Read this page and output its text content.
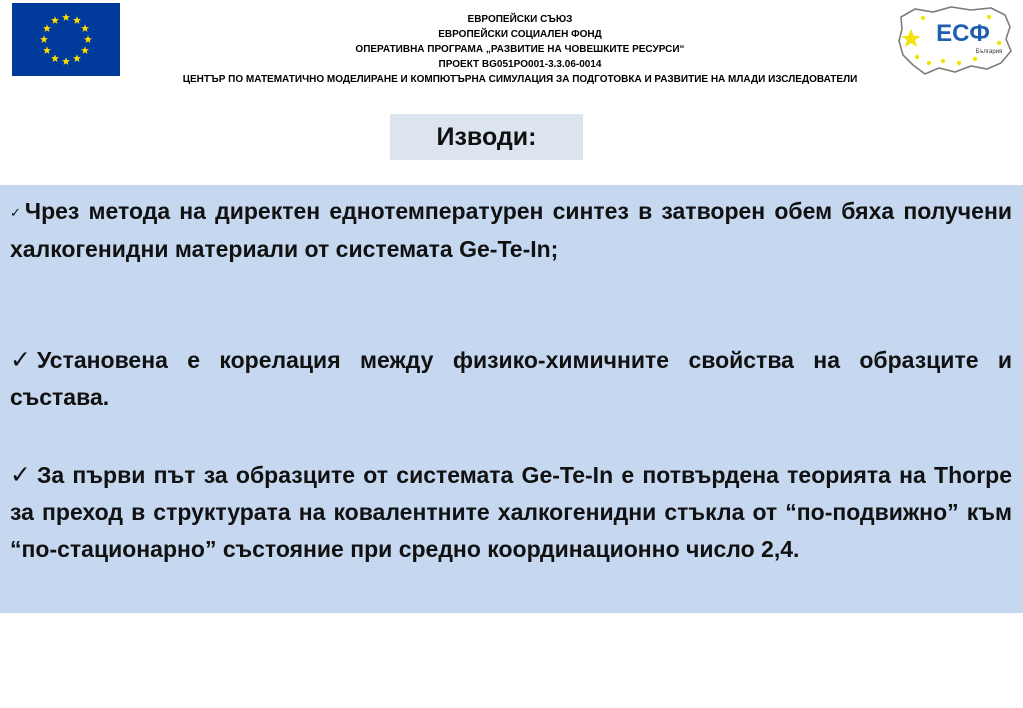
ЕВРОПЕЙСКИ СЪЮЗ
ЕВРОПЕЙСКИ СОЦИАЛЕН ФОНД
ОПЕРАТИВНА ПРОГРАМА „РАЗВИТИЕ НА ЧОВЕШКИТЕ РЕСУРСИ“
ПРОЕКТ BG051PO001-3.3.06-0014
ЦЕНТЪР ПО МАТЕМАТИЧНО МОДЕЛИРАНЕ И КОМПЮТЪРНА СИМУЛАЦИЯ ЗА ПОДГОТОВКА И РАЗВИТИЕ НА МЛАДИ ИЗСЛЕДОВАТЕЛИ
ЕСФ
България
Изводи:
✓ Чрез метода на директен еднотемпературен синтез в затворен обем бяха получени халкогенидни материали от системата Ge-Te-In;
✓ Установена е корелация между физико-химичните свойства на образците и състава.
✓ За първи път за образците от системата Ge-Te-In е потвърдена теорията на Thorpe за преход в структурата на ковалентните халкогенидни стъкла от “по-подвижно” към “по-стационарно” състояние при средно координационно число 2,4.
